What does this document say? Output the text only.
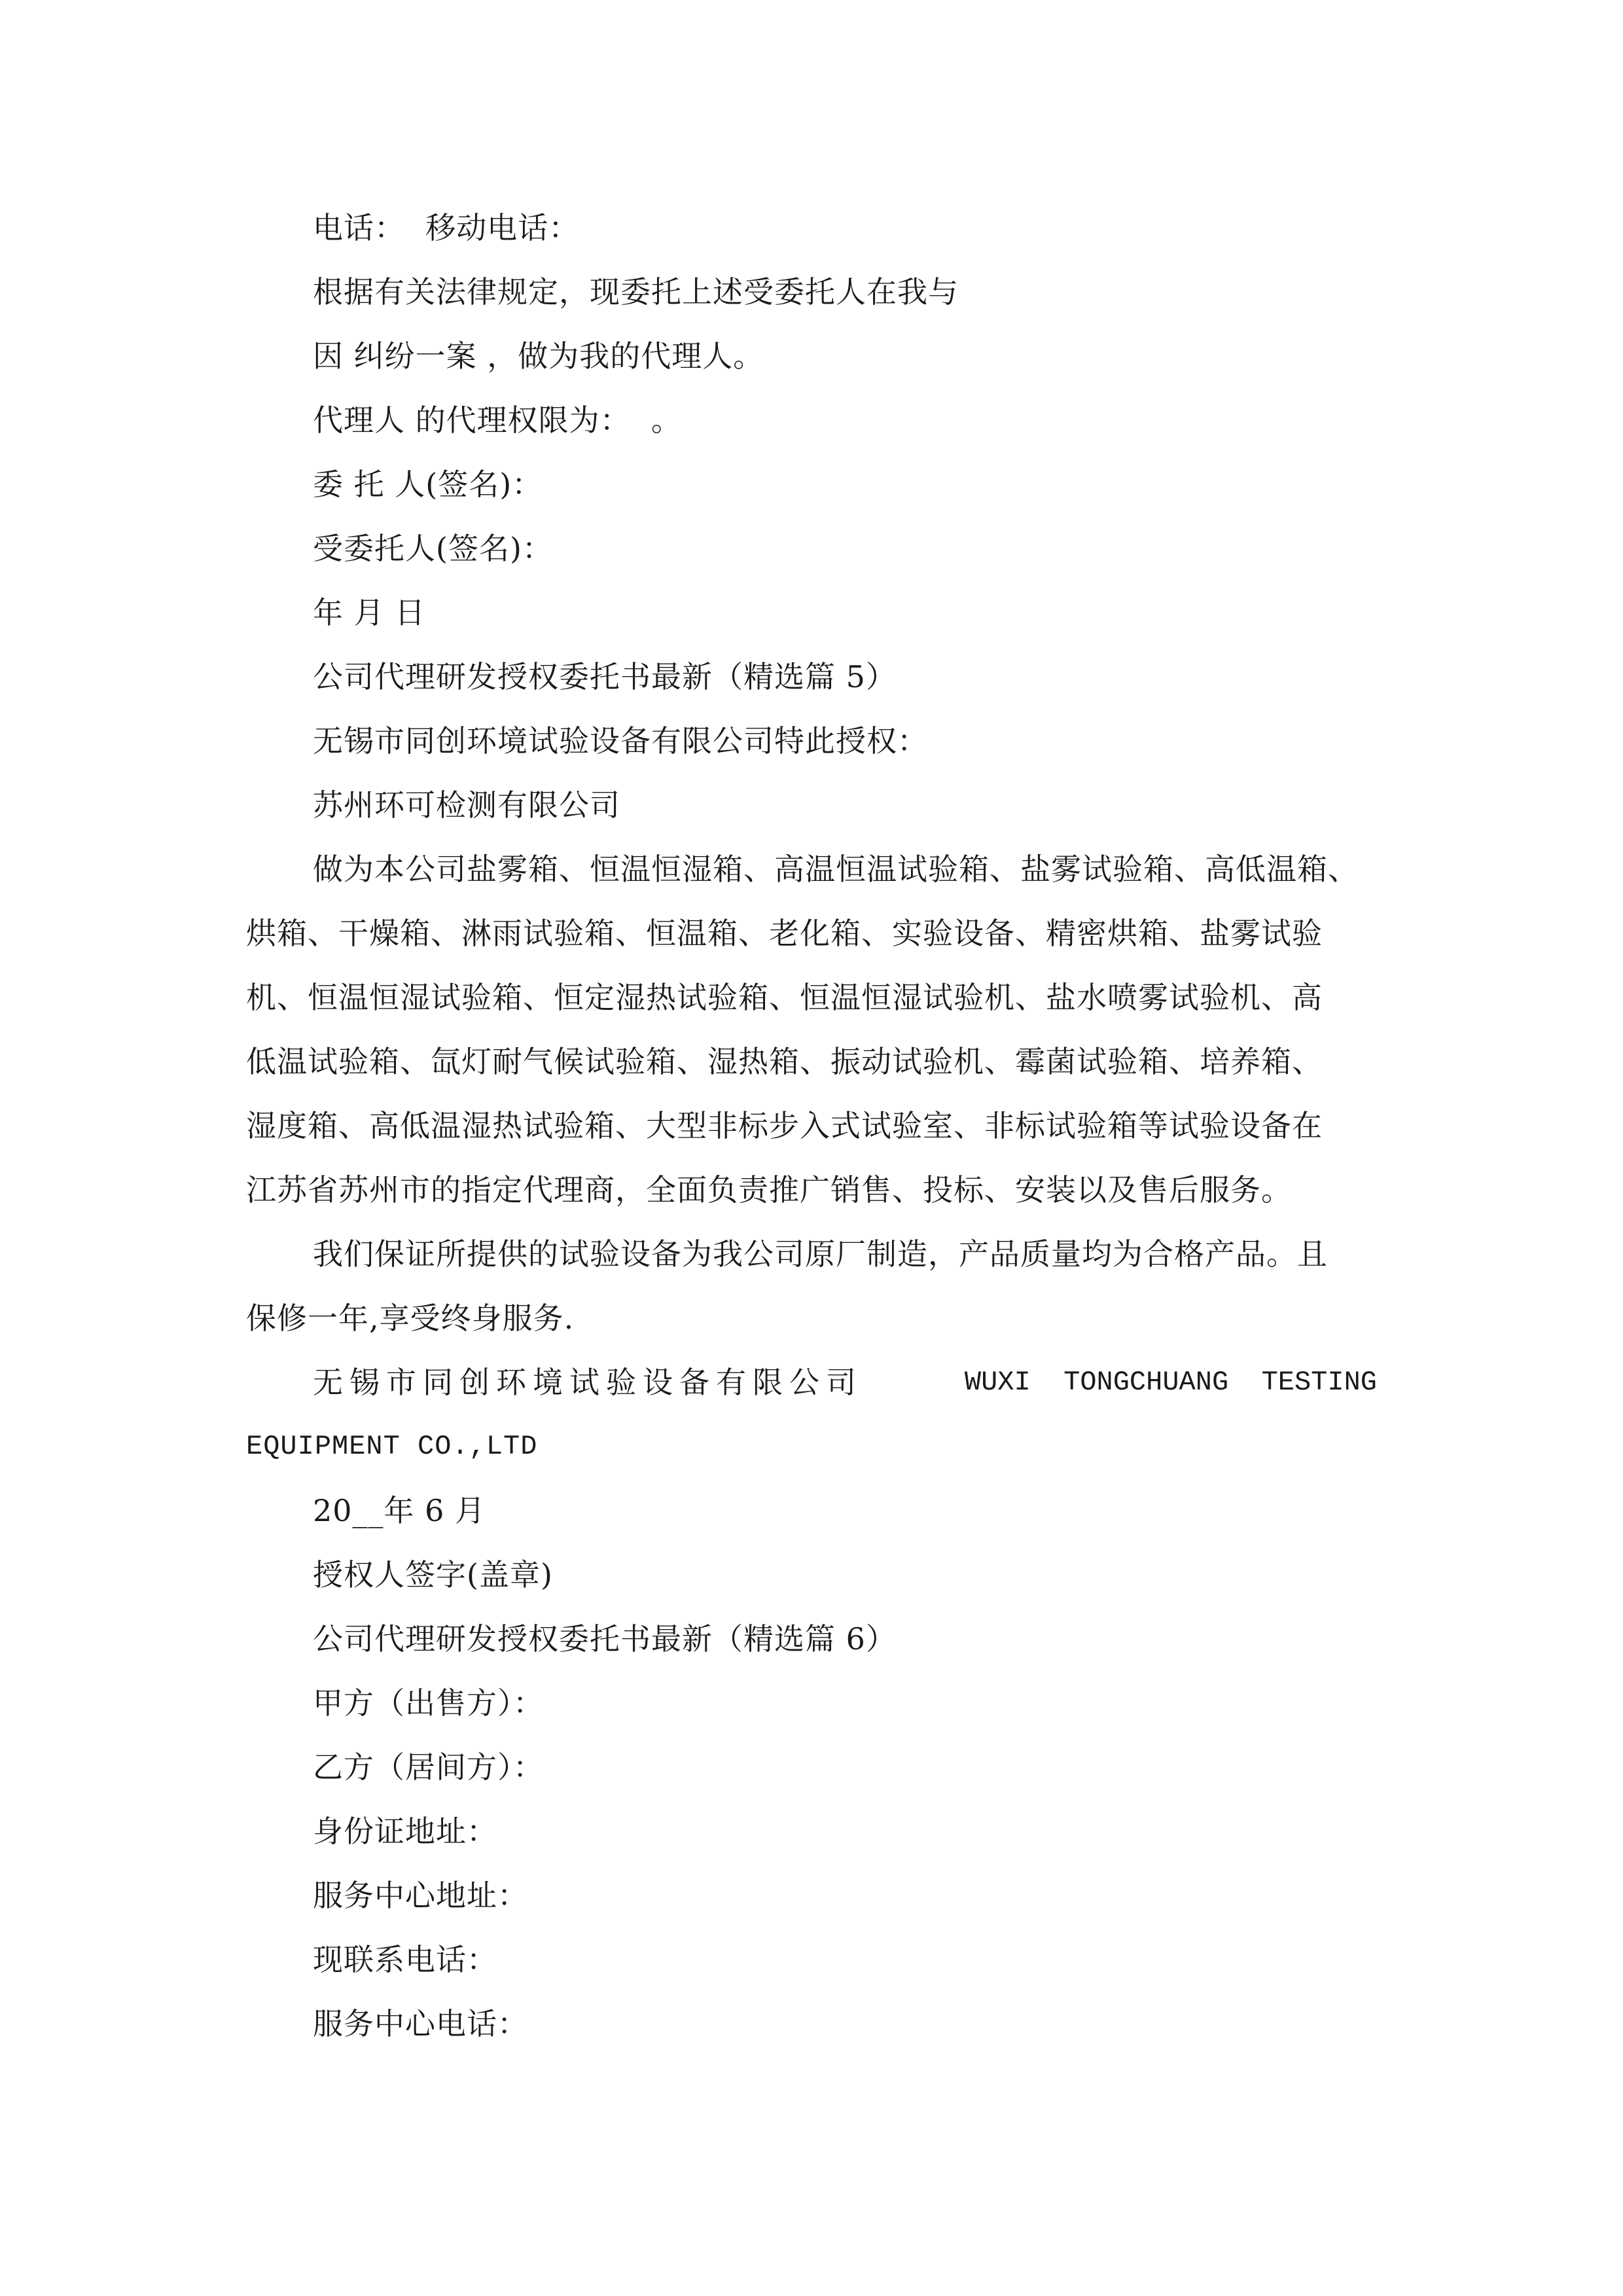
电话：  移动电话：

根据有关法律规定，现委托上述受委托人在我与

因 纠纷一案 ，做为我的代理人。

代理人 的代理权限为：  。

委 托 人(签名)：

受委托人(签名)：

年 月 日

公司代理研发授权委托书最新（精选篇 5）

无锡市同创环境试验设备有限公司特此授权：

苏州环可检测有限公司

做为本公司盐雾箱、恒温恒湿箱、高温恒温试验箱、盐雾试验箱、高低温箱、

烘箱、干燥箱、淋雨试验箱、恒温箱、老化箱、实验设备、精密烘箱、盐雾试验

机、恒温恒湿试验箱、恒定湿热试验箱、恒温恒湿试验机、盐水喷雾试验机、高

低温试验箱、氙灯耐气候试验箱、湿热箱、振动试验机、霉菌试验箱、培养箱、

湿度箱、高低温湿热试验箱、大型非标步入式试验室、非标试验箱等试验设备在

江苏省苏州市的指定代理商，全面负责推广销售、投标、安装以及售后服务。

我们保证所提供的试验设备为我公司原厂制造，产品质量均为合格产品。且

保修一年,享受终身服务.

无锡市同创环境试验设备有限公司	WUXI  TONGCHUANG  TESTING

EQUIPMENT CO.,LTD

20__年 6 月

授权人签字(盖章)

公司代理研发授权委托书最新（精选篇 6）

甲方（出售方）：

乙方（居间方）：

身份证地址：

服务中心地址：

现联系电话：

服务中心电话：
